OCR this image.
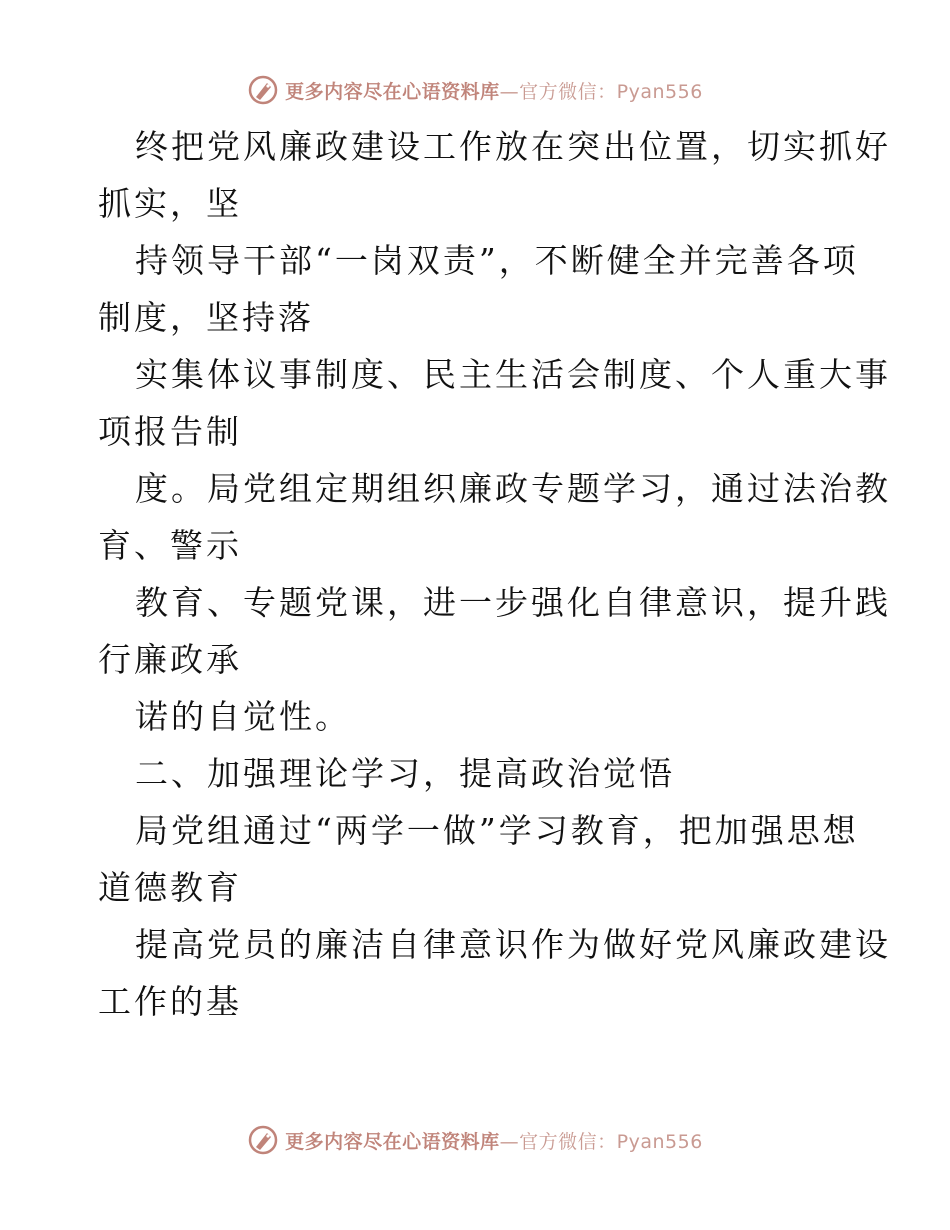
更多内容尽在心语资料库—官方微信：Pyan556
终把党风廉政建设工作放在突出位置，切实抓好
抓实，坚
持领导干部“一岗双责”，不断健全并完善各项
制度，坚持落
实集体议事制度、民主生活会制度、个人重大事
项报告制
度。局党组定期组织廉政专题学习，通过法治教
育、警示
教育、专题党课，进一步强化自律意识，提升践
行廉政承
诺的自觉性。
二、加强理论学习，提高政治觉悟
局党组通过“两学一做”学习教育，把加强思想
道德教育
提高党员的廉洁自律意识作为做好党风廉政建设
工作的基
更多内容尽在心语资料库—官方微信：Pyan556
